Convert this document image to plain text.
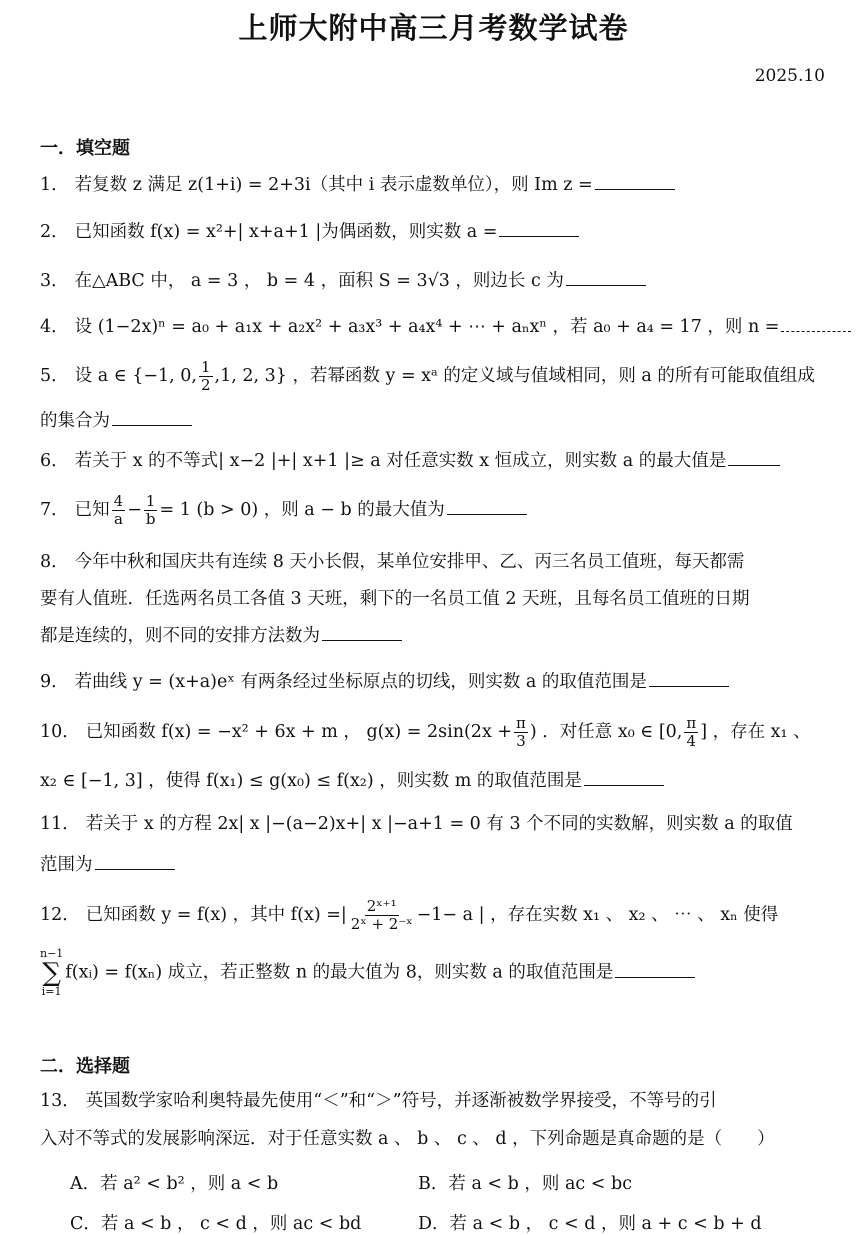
上师大附中高三月考数学试卷
2025.10
一．填空题
1． 若复数 z 满足 z(1+i) = 2+3i（其中 i 表示虚数单位），则 Im z =
2． 已知函数 f(x) = x²+| x+a+1 |为偶函数，则实数 a =
3． 在△ABC 中， a = 3 ， b = 4 ，面积 S = 3√3 ，则边长 c 为
4． 设 (1−2x)ⁿ = a₀ + a₁x + a₂x² + a₃x³ + a₄x⁴ + ⋯ + aₙxⁿ ，若 a₀ + a₄ = 17 ，则 n =
5． 设 a ∈ {−1, 0, $\frac{1}{2} ,1$, 2, 3} ，若幂函数 y = xᵃ 的定义域与值域相同，则 a 的所有可能取值组成
的集合为
6． 若关于 x 的不等式| x−2 |+| x+1 |≥ a 对任意实数 x 恒成立，则实数 a 的最大值是
7． 已知 $\frac{4}{a} - \frac{1}{b} = 1$ (b > 0) ，则 a − b 的最大值为
8． 今年中秋和国庆共有连续 8 天小长假，某单位安排甲、乙、丙三名员工值班，每天都需
要有人值班．任选两名员工各值 3 天班，剩下的一名员工值 2 天班，且每名员工值班的日期
都是连续的，则不同的安排方法数为
9． 若曲线 y = (x+a)eˣ 有两条经过坐标原点的切线，则实数 a 的取值范围是
10． 已知函数 f(x) = −x² + 6x + m ， $g(x) = 2\sin(2x + \frac{\pi}{3}$ ) ．对任意 x₀ ∈ [0, $\frac{\pi}{4}$ ] ，存在 x₁ 、
x₂ ∈ [−1, 3] ，使得 f(x₁) ≤ g(x₀) ≤ f(x₂) ，则实数 m 的取值范围是
11． 若关于 x 的方程 2x| x |−(a−2)x+| x |−a+1 = 0 有 3 个不同的实数解，则实数 a 的取值
范围为
12． 已知函数 y = f(x) ，其中 f(x) =| $\frac{\text{2ˣ⁺¹}}{\text{2ˣ + 2⁻ˣ}} -1- a$ | ，存在实数 x₁ 、 x₂ 、 ⋯ 、 xₙ 使得
n−1
∑
i=1
f(xᵢ) = f(xₙ) 成立，若正整数 n 的最大值为 8，则实数 a 的取值范围是
二．选择题
13． 英国数学家哈利奥特最先使用“＜”和“＞”符号，并逐渐被数学界接受，不等号的引
入对不等式的发展影响深远．对于任意实数 a 、 b 、 c 、 d ，下列命题是真命题的是（　　）
A．若 a² < b² ，则 a < b	B．若 a < b ，则 ac < bc
C．若 a < b ， c < d ，则 ac < bd	D．若 a < b ， c < d ，则 a + c < b + d
